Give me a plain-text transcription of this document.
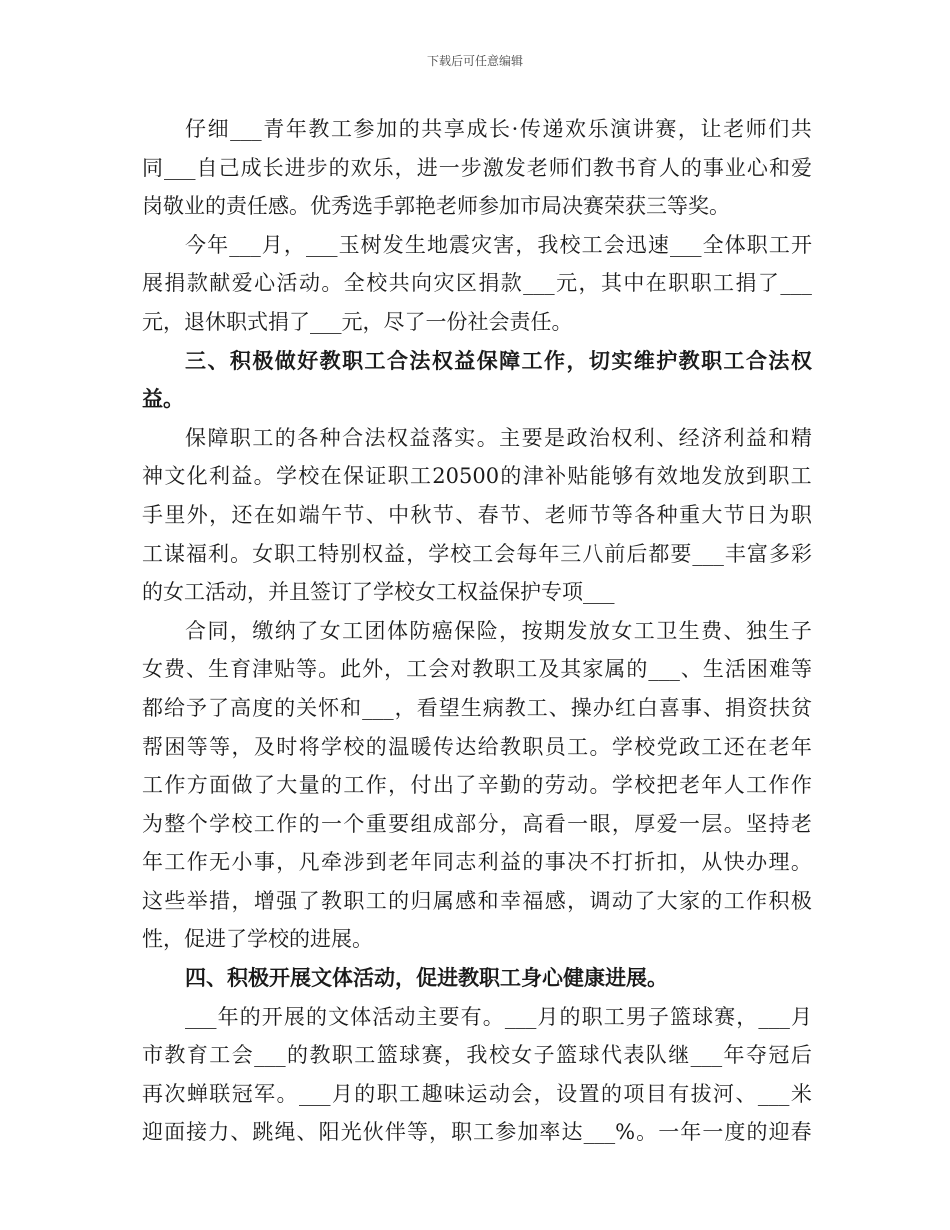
下载后可任意编辑
仔 细 ___ 青 年 教 工 参 加 的 共 享 成 长 · 传 递 欢 乐 演 讲 赛 ， 让 老 师 们 共
同 ___ 自 己 成 长 进 步 的 欢 乐 ， 进 一 步 激 发 老 师 们 教 书 育 人 的 事 业 心 和 爱
岗 敬 业 的 责 任 感 。 优 秀 选 手 郭 艳 老 师 参 加 市 局 决 赛 荣 获 三 等 奖 。
今 年 ___ 月 ， ___ 玉 树 发 生 地 震 灾 害 ， 我 校 工 会 迅 速 ___ 全 体 职 工 开
展 捐 款 献 爱 心 活 动 。 全 校 共 向 灾 区 捐 款 ___ 元 ， 其 中 在 职 职 工 捐 了 ___
元 ， 退 休 职 式 捐 了 ___ 元 ， 尽 了 一 份 社 会 责 任 。
三 、 积 极 做 好 教 职 工 合 法 权 益 保 障 工 作 ， 切 实 维 护 教 职 工 合 法 权
益 。
保 障 职 工 的 各 种 合 法 权 益 落 实 。 主 要 是 政 治 权 利 、 经 济 利 益 和 精
神 文 化 利 益 。 学 校 在 保 证 职 工 20500 的 津 补 贴 能 够 有 效 地 发 放 到 职 工
手 里 外 ， 还 在 如 端 午 节 、 中 秋 节 、 春 节 、 老 师 节 等 各 种 重 大 节 日 为 职
工 谋 福 利 。 女 职 工 特 别 权 益 ， 学 校 工 会 每 年 三 八 前 后 都 要 ___ 丰 富 多 彩
的 女 工 活 动 ， 并 且 签 订 了 学 校 女 工 权 益 保 护 专 项 ___
合 同 ， 缴 纳 了 女 工 团 体 防 癌 保 险 ， 按 期 发 放 女 工 卫 生 费 、 独 生 子
女 费 、 生 育 津 贴 等 。 此 外 ， 工 会 对 教 职 工 及 其 家 属 的 ___ 、 生 活 困 难 等
都 给 予 了 高 度 的 关 怀 和 ___ ， 看 望 生 病 教 工 、 操 办 红 白 喜 事 、 捐 资 扶 贫
帮 困 等 等 ， 及 时 将 学 校 的 温 暖 传 达 给 教 职 员 工 。 学 校 党 政 工 还 在 老 年
工 作 方 面 做 了 大 量 的 工 作 ， 付 出 了 辛 勤 的 劳 动 。 学 校 把 老 年 人 工 作 作
为 整 个 学 校 工 作 的 一 个 重 要 组 成 部 分 ， 高 看 一 眼 ， 厚 爱 一 层 。 坚 持 老
年 工 作 无 小 事 ， 凡 牵 涉 到 老 年 同 志 利 益 的 事 决 不 打 折 扣 ， 从 快 办 理 。
这 些 举 措 ， 增 强 了 教 职 工 的 归 属 感 和 幸 福 感 ， 调 动 了 大 家 的 工 作 积 极
性 ， 促 进 了 学 校 的 进 展 。
四 、 积 极 开 展 文 体 活 动 ， 促 进 教 职 工 身 心 健 康 进 展 。
___ 年 的 开 展 的 文 体 活 动 主 要 有 。 ___ 月 的 职 工 男 子 篮 球 赛 ， ___ 月
市 教 育 工 会 ___ 的 教 职 工 篮 球 赛 ， 我 校 女 子 篮 球 代 表 队 继 ___ 年 夺 冠 后
再 次 蝉 联 冠 军 。 ___ 月 的 职 工 趣 味 运 动 会 ， 设 置 的 项 目 有 拔 河 、 ___ 米
迎 面 接 力 、 跳 绳 、 阳 光 伙 伴 等 ， 职 工 参 加 率 达 ___% 。 一 年 一 度 的 迎 春
